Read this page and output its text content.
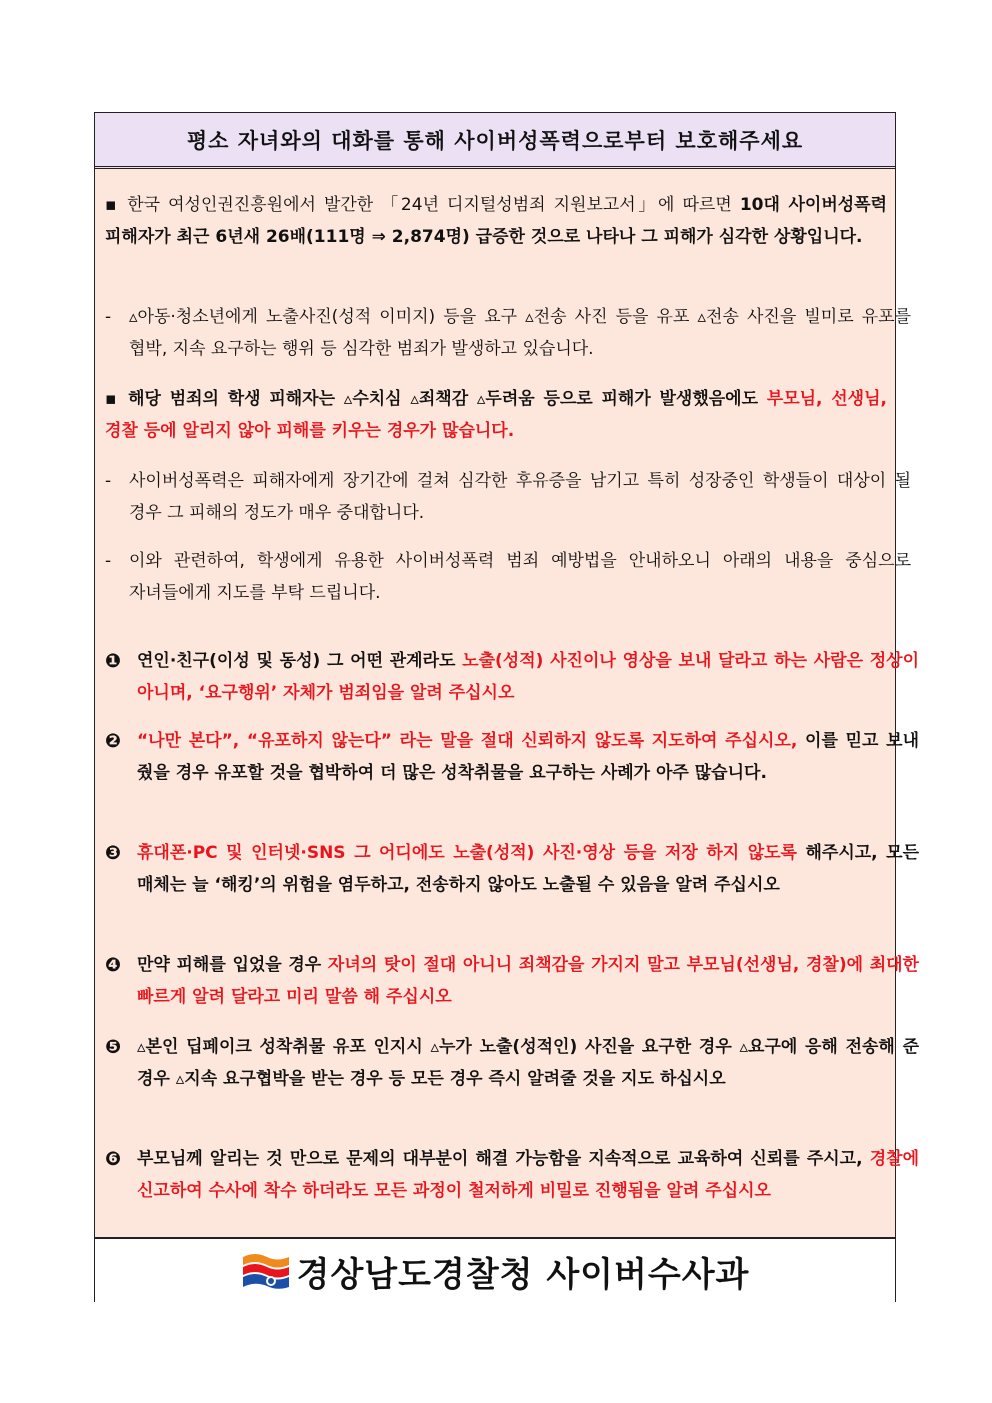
평소 자녀와의 대화를 통해 사이버성폭력으로부터 보호해주세요
▪ 한국 여성인권진흥원에서 발간한 「24년 디지털성범죄 지원보고서」에 따르면 10대 사이버성폭력 피해자가 최근 6년새 26배(111명 ⇒ 2,874명) 급증한 것으로 나타나 그 피해가 심각한 상황입니다.
- ▵아동·청소년에게 노출사진(성적 이미지) 등을 요구 ▵전송 사진 등을 유포 ▵전송 사진을 빌미로 유포를 협박, 지속 요구하는 행위 등 심각한 범죄가 발생하고 있습니다.
▪ 해당 범죄의 학생 피해자는 ▵수치심 ▵죄책감 ▵두려움 등으로 피해가 발생했음에도 부모님, 선생님, 경찰 등에 알리지 않아 피해를 키우는 경우가 많습니다.
- 사이버성폭력은 피해자에게 장기간에 걸쳐 심각한 후유증을 남기고 특히 성장중인 학생들이 대상이 될 경우 그 피해의 정도가 매우 중대합니다.
- 이와 관련하여, 학생에게 유용한 사이버성폭력 범죄 예방법을 안내하오니 아래의 내용을 중심으로 자녀들에게 지도를 부탁 드립니다.
❶ 연인·친구(이성 및 동성) 그 어떤 관계라도 노출(성적) 사진이나 영상을 보내 달라고 하는 사람은 정상이 아니며, ‘요구행위’ 자체가 범죄임을 알려 주십시오
❷ “나만 본다”, “유포하지 않는다” 라는 말을 절대 신뢰하지 않도록 지도하여 주십시오, 이를 믿고 보내 줬을 경우 유포할 것을 협박하여 더 많은 성착취물을 요구하는 사례가 아주 많습니다.
❸ 휴대폰·PC 및 인터넷·SNS 그 어디에도 노출(성적) 사진·영상 등을 저장 하지 않도록 해주시고, 모든 매체는 늘 ‘해킹’의 위험을 염두하고, 전송하지 않아도 노출될 수 있음을 알려 주십시오
❹ 만약 피해를 입었을 경우 자녀의 탓이 절대 아니니 죄책감을 가지지 말고 부모님(선생님, 경찰)에 최대한 빠르게 알려 달라고 미리 말씀 해 주십시오
❺ ▵본인 딥페이크 성착취물 유포 인지시 ▵누가 노출(성적인) 사진을 요구한 경우 ▵요구에 응해 전송해 준 경우 ▵지속 요구협박을 받는 경우 등 모든 경우 즉시 알려줄 것을 지도 하십시오
❻ 부모님께 알리는 것 만으로 문제의 대부분이 해결 가능함을 지속적으로 교육하여 신뢰를 주시고, 경찰에 신고하여 수사에 착수 하더라도 모든 과정이 철저하게 비밀로 진행됨을 알려 주십시오
경상남도경찰청 사이버수사과
